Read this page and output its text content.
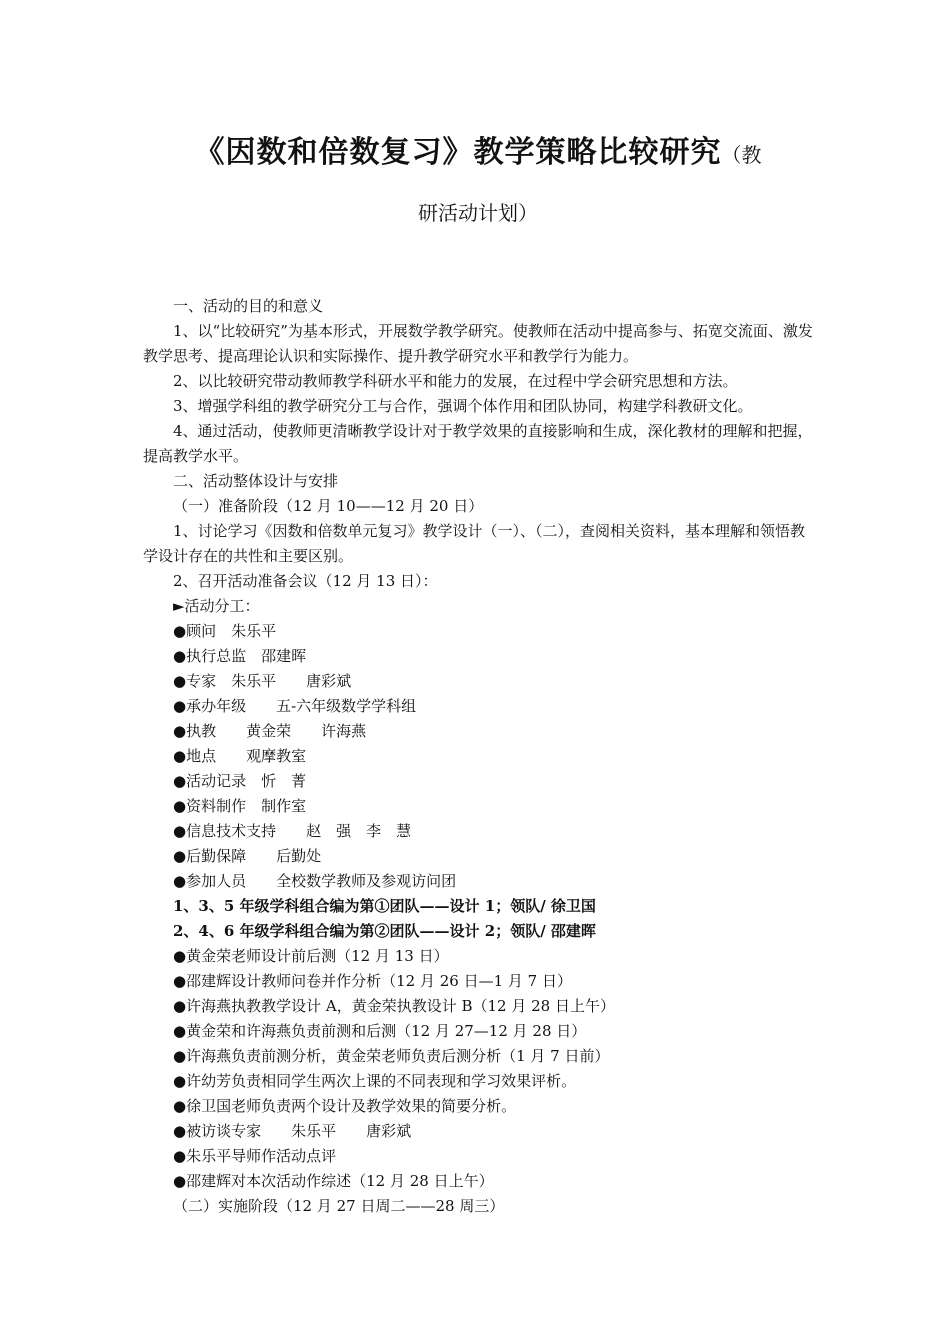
《因数和倍数复习》教学策略比较研究（教
研活动计划）

一、活动的目的和意义

1、以“比较研究”为基本形式，开展数学教学研究。使教师在活动中提高参与、拓宽交流面、激发教学思考、提高理论认识和实际操作、提升教学研究水平和教学行为能力。

2、以比较研究带动教师教学科研水平和能力的发展，在过程中学会研究思想和方法。

3、增强学科组的教学研究分工与合作，强调个体作用和团队协同，构建学科教研文化。

4、通过活动，使教师更清晰教学设计对于教学效果的直接影响和生成，深化教材的理解和把握，提高教学水平。

二、活动整体设计与安排

（一）准备阶段（12 月 10——12 月 20 日）

1、讨论学习《因数和倍数单元复习》教学设计（一）、（二），查阅相关资料，基本理解和领悟教学设计存在的共性和主要区别。

2、召开活动准备会议（12 月 13 日）：

►活动分工：

●顾问　朱乐平

●执行总监　邵建晖

●专家　朱乐平　　唐彩斌

●承办年级　　五-六年级数学学科组

●执教　　黄金荣　　许海燕

●地点　　观摩教室

●活动记录　忻　菁

●资料制作　制作室

●信息技术支持　　赵　强　李　慧

●后勤保障　　后勤处

●参加人员　　全校数学教师及参观访问团

1、3、5 年级学科组合编为第①团队——设计 1；领队/ 徐卫国

2、4、6 年级学科组合编为第②团队——设计 2；领队/ 邵建晖

●黄金荣老师设计前后测（12 月 13 日）

●邵建辉设计教师问卷并作分析（12 月 26 日—1 月 7 日）

●许海燕执教教学设计 A，黄金荣执教设计 B（12 月 28 日上午）

●黄金荣和许海燕负责前测和后测（12 月 27—12 月 28 日）

●许海燕负责前测分析，黄金荣老师负责后测分析（1 月 7 日前）

●许幼芳负责相同学生两次上课的不同表现和学习效果评析。

●徐卫国老师负责两个设计及教学效果的简要分析。

●被访谈专家　　朱乐平　　唐彩斌

●朱乐平导师作活动点评

●邵建辉对本次活动作综述（12 月 28 日上午）

（二）实施阶段（12 月 27 日周二——28 周三）
